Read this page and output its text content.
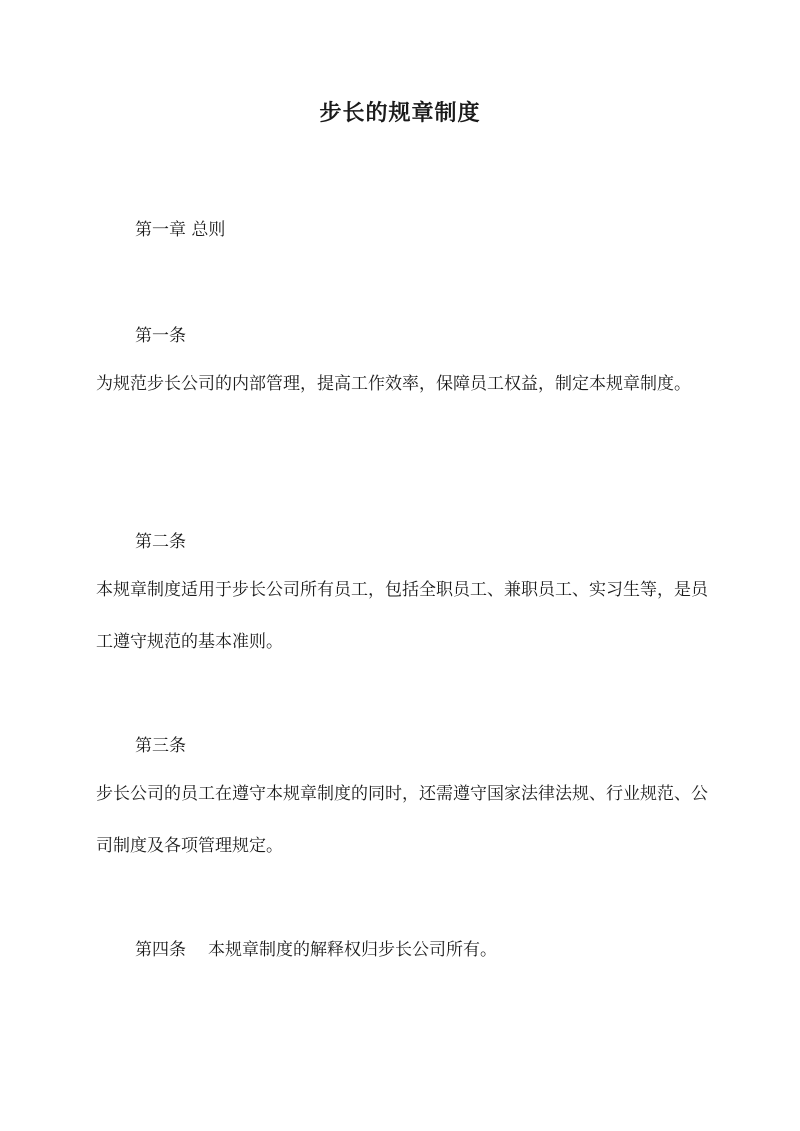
步长的规章制度
第一章 总则
第一条
为规范步长公司的内部管理，提高工作效率，保障员工权益，制定本规章制度。
第二条
本规章制度适用于步长公司所有员工，包括全职员工、兼职员工、实习生等，是员工遵守规范的基本准则。
第三条
步长公司的员工在遵守本规章制度的同时，还需遵守国家法律法规、行业规范、公司制度及各项管理规定。
第四条 本规章制度的解释权归步长公司所有。
